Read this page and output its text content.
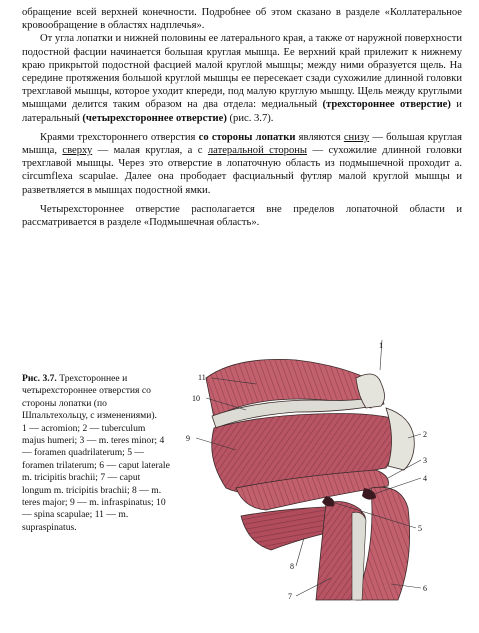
обращение всей верхней конечности. Подробнее об этом сказано в разделе «Коллатеральное кровообращение в областях надплечья».

От угла лопатки и нижней половины ее латерального края, а также от наружной поверхности подостной фасции начинается большая круглая мышца. Ее верхний край прилежит к нижнему краю прикрытой подостной фасцией малой круглой мышцы; между ними образуется щель. На середине протяжения большой круглой мышцы ее пересекает сзади сухожилие длинной головки трехглавой мышцы, которое уходит кпереди, под малую круглую мышцу. Щель между круглыми мышцами делится таким образом на два отдела: медиальный (трехстороннее отверстие) и латеральный (четырехстороннее отверстие) (рис. 3.7).

Краями трехстороннего отверстия со стороны лопатки являются снизу — большая круглая мышца, сверху — малая круглая, а с латеральной стороны — сухожилие длинной головки трехглавой мышцы. Через это отверстие в лопаточную область из подмышечной проходит a. circumflexa scapulae. Далее она прободает фасциальный футляр малой круглой мышцы и разветвляется в мышцах подостной ямки.

Четырехстороннее отверстие располагается вне пределов лопаточной области и рассматривается в разделе «Подмышечная область».

Рис. 3.7. Трехстороннее и четырехстороннее отверстия со стороны лопатки (по Шпальтехольцу, с изменениями).
1 — acromion; 2 — tuberculum majus humeri; 3 — m. teres minor; 4 — foramen quadrilaterum; 5 — foramen trilaterum; 6 — caput laterale m. tricipitis brachii; 7 — caput longum m. tricipitis brachii; 8 — m. teres major; 9 — m. infraspinatus; 10 — spina scapulae; 11 — m. supraspinatus.
1
11
10
9	2
3
4
5
6
8
7
